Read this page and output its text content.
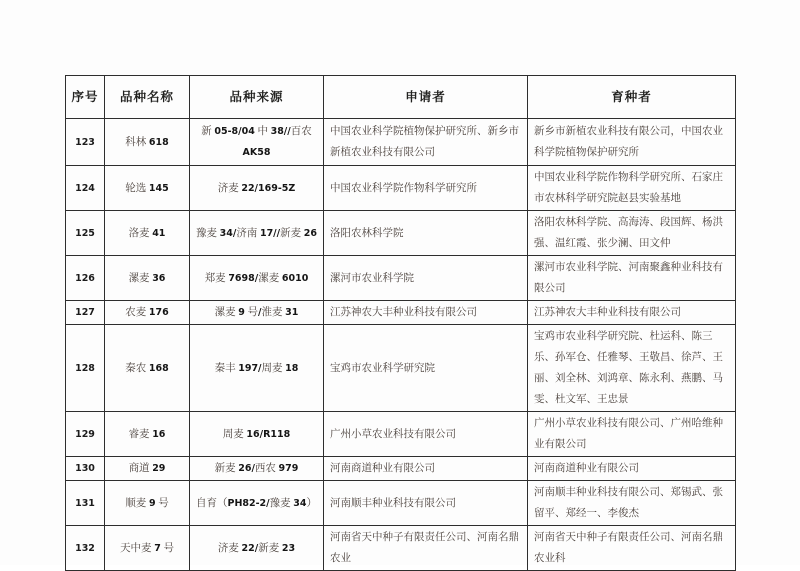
序号	品种名称	品种来源	申请者	育种者
123	科林 618	新 05-8/04 中 38//百农 AK58	中国农业科学院植物保护研究所、新乡市新植农业科技有限公司	新乡市新植农业科技有限公司，中国农业科学院植物保护研究所
124	轮选 145	济麦 22/169-5Z	中国农业科学院作物科学研究所	中国农业科学院作物科学研究所、石家庄市农林科学研究院赵县实验基地
125	洛麦 41	豫麦 34/济南 17//新麦 26	洛阳农林科学院	洛阳农林科学院、高海涛、段国辉、杨洪强、温红霞、张少澜、田文仲
126	漯麦 36	郑麦 7698/漯麦 6010	漯河市农业科学院	漯河市农业科学院、河南聚鑫种业科技有限公司
127	农麦 176	漯麦 9 号/淮麦 31	江苏神农大丰种业科技有限公司	江苏神农大丰种业科技有限公司
128	秦农 168	秦丰 197/周麦 18	宝鸡市农业科学研究院	宝鸡市农业科学研究院、杜运科、陈三乐、孙军仓、任雅琴、王敬昌、徐芦、王丽、刘全林、刘鸿章、陈永利、燕鹏、马雯、杜文军、王忠景
129	睿麦 16	周麦 16/R118	广州小草农业科技有限公司	广州小草农业科技有限公司、广州哈维种业有限公司
130	商道 29	新麦 26/西农 979	河南商道种业有限公司	河南商道种业有限公司
131	顺麦 9 号	自育（PH82-2/豫麦 34）	河南顺丰种业科技有限公司	河南顺丰种业科技有限公司、郑锡武、张留平、郑经一、李俊杰
132	天中麦 7 号	济麦 22/新麦 23	河南省天中种子有限责任公司、河南名鼎农业	河南省天中种子有限责任公司、河南名鼎农业科
